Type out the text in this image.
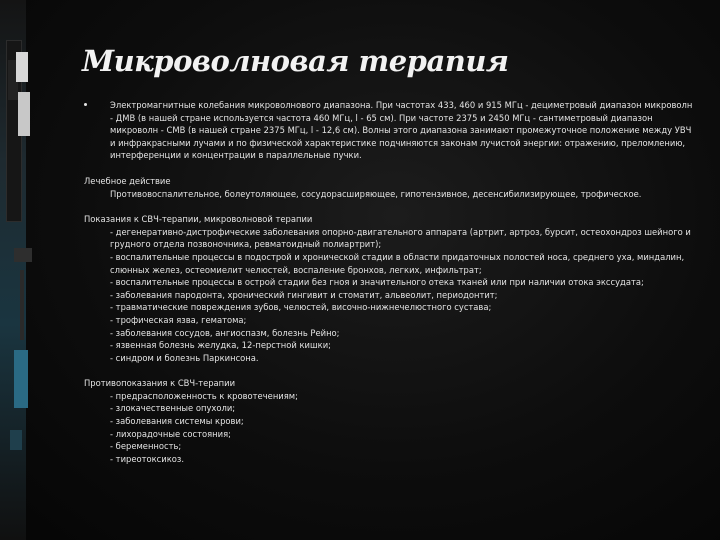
Микроволновая терапия
Электромагнитные колебания микроволнового диапазона. При частотах 433, 460 и 915 МГц - дециметровый диапазон микроволн - ДМВ (в нашей стране используется частота 460 МГц, l - 65 см). При частоте 2375 и 2450 МГц - сантиметровый диапазон микроволн - СМВ (в нашей стране 2375 МГц, l - 12,6 см). Волны этого диапазона занимают промежуточное положение между УВЧ и инфракрасными лучами и по физической характеристике подчиняются законам лучистой энергии: отражению, преломлению, интерференции и концентрации в параллельные пучки.
Лечебное действие
Противовоспалительное, болеутоляющее, сосудорасширяющее, гипотензивное, десенсибилизирующее, трофическое.
Показания к СВЧ-терапии, микроволновой терапии
- дегенеративно-дистрофические заболевания опорно-двигательного аппарата (артрит, артроз, бурсит, остеохондроз шейного и грудного отдела позвоночника, ревматоидный полиартрит);
- воспалительные процессы в подострой и хронической стадии в области придаточных полостей носа, среднего уха, миндалин, слюнных желез, остеомиелит челюстей, воспаление бронхов, легких, инфильтрат;
- воспалительные процессы в острой стадии без гноя и значительного отека тканей или при наличии отока экссудата;
- заболевания пародонта, хронический гингивит и стоматит, альвеолит, периодонтит;
- травматические повреждения зубов, челюстей, височно-нижнечелюстного сустава;
- трофическая язва, гематома;
- заболевания сосудов, ангиоспазм, болезнь Рейно;
- язвенная болезнь желудка, 12-перстной кишки;
- синдром и болезнь Паркинсона.
Противопоказания к СВЧ-терапии
- предрасположенность к кровотечениям;
- злокачественные опухоли;
- заболевания системы крови;
- лихорадочные состояния;
- беременность;
- тиреотоксикоз.
